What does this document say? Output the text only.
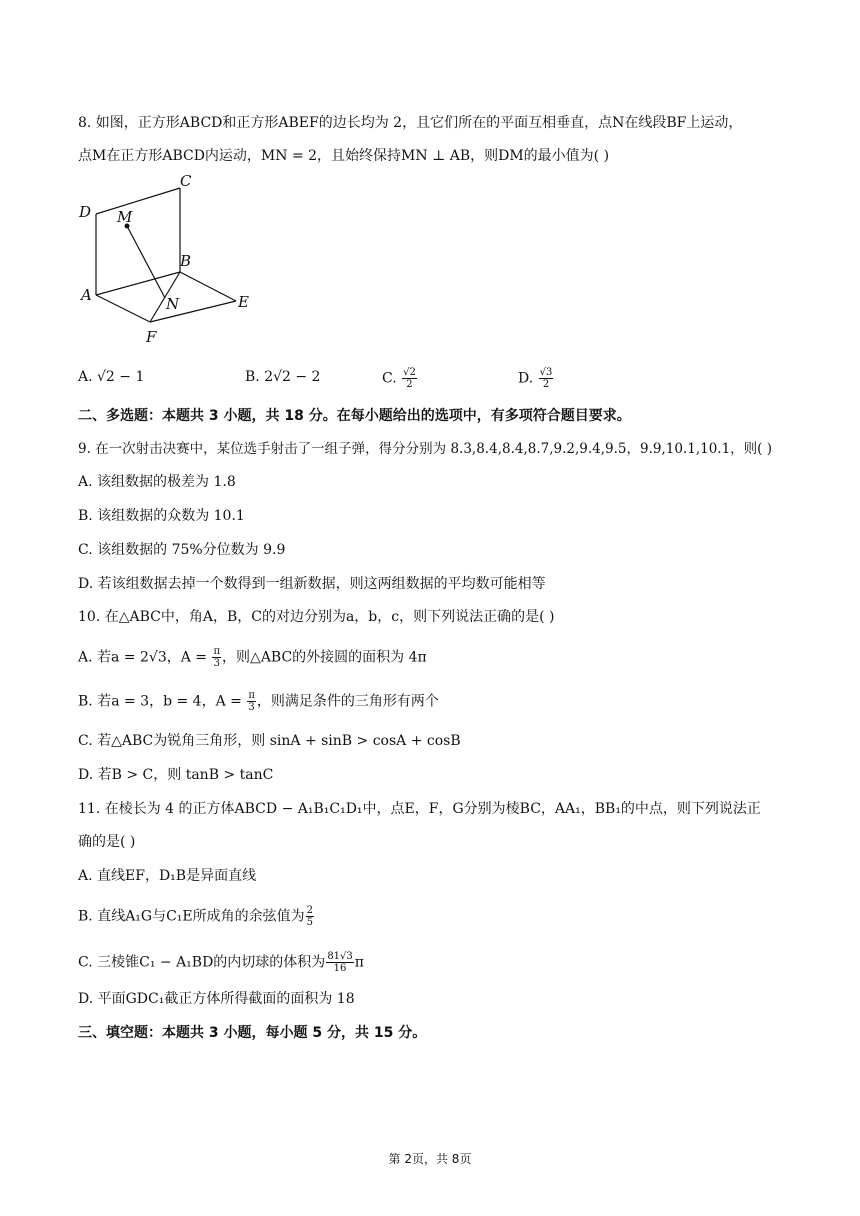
8. 如图，正方形ABCD和正方形ABEF的边长均为 2，且它们所在的平面互相垂直，点N在线段BF上运动，
点M在正方形ABCD内运动，MN = 2，且始终保持MN ⊥ AB，则DM的最小值为( )
C
D M
B
A	N	E
F
A. √2 − 1	B. 2√2 − 2	C. $\frac{√2}{2}$	D. $\frac{√3}{2}$
二、多选题：本题共 3 小题，共 18 分。在每小题给出的选项中，有多项符合题目要求。
9. 在一次射击决赛中，某位选手射击了一组子弹，得分分别为 8.3,8.4,8.4,8.7,9.2,9.4,9.5，9.9,10.1,10.1，则( )
A. 该组数据的极差为 1.8
B. 该组数据的众数为 10.1
C. 该组数据的 75%分位数为 9.9
D. 若该组数据去掉一个数得到一组新数据，则这两组数据的平均数可能相等
10. 在△ABC中，角A，B，C的对边分别为a，b，c，则下列说法正确的是( )
A. 若a = 2√3，$A = \frac{\pi}{3}$ ，则△ABC的外接圆的面积为 4π
B. 若a = 3，b = 4，$A = \frac{\pi}{3}$ ，则满足条件的三角形有两个
C. 若△ABC为锐角三角形，则 sinA + sinB > cosA + cosB
D. 若B > C，则 tanB > tanC
11. 在棱长为 4 的正方体ABCD − A₁B₁C₁D₁中，点E，F，G分别为棱BC，AA₁，BB₁的中点，则下列说法正
确的是( )
A. 直线EF，D₁B是异面直线
B. 直线A₁G与C₁E所成角的余弦值为 $\frac{2}{5}$
C. 三棱锥C₁ − A₁BD的内切球的体积为 $\frac{81√3}{16}$ π
D. 平面GDC₁截正方体所得截面的面积为 18
三、填空题：本题共 3 小题，每小题 5 分，共 15 分。
第 2页，共 8页
